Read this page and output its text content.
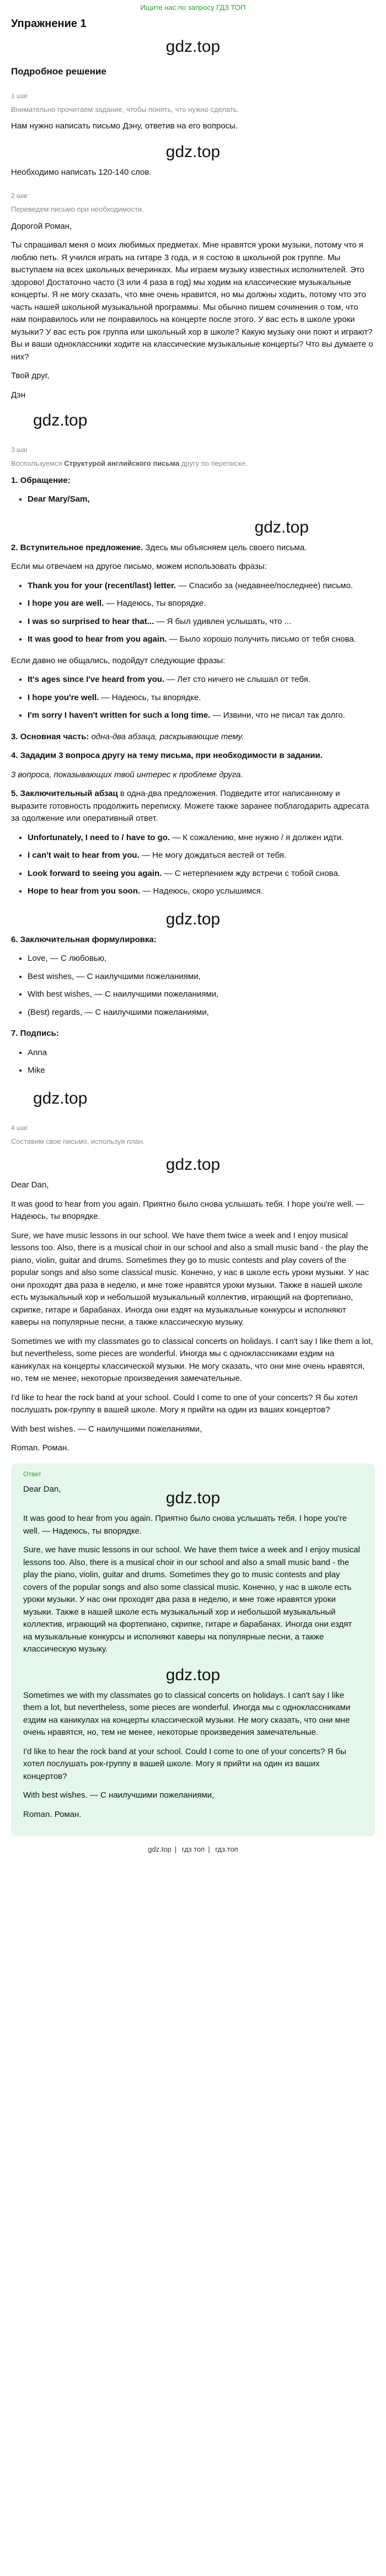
Ищите нас по запросу ГДЗ ТОП
Упражнение 1
gdz.top
Подробное решение
1 шаг
Внимательно прочитаем задание, чтобы понять, что нужно сделать.

Нам нужно написать письмо Дэну, ответив на его вопросы.

gdz.top

Необходимо написать 120-140 слов.

2 шаг
Переведем письмо при необходимости.

Дорогой Роман,

Ты спрашивал меня о моих любимых предметах. Мне нравятся уроки музыки, потому что я люблю петь. Я учился играть на гитаре 3 года, и я состою в школьной рок группе. Мы выступаем на всех школьных вечеринках. Мы играем музыку известных исполнителей. Это здорово! Достаточно часто (3 или 4 раза в год) мы ходим на классические музыкальные концерты. Я не могу сказать, что мне очень нравится, но мы должны ходить, потому что это часть нашей школьной музыкальной программы. Мы обычно пишем сочинения о том, что нам понравилось или не понравилось на концерте после этого. У вас есть в школе уроки музыки? У вас есть рок группа или школьный хор в школе? Какую музыку они поют и играют? Вы и ваши одноклассники ходите на классические музыкальные концерты? Что вы думаете о них?

Твой друг,

Дэн

gdz.top
3 шаг
Воспользуемся Структурой английского письма другу по переписке.

1. Обращение:

• Dear Mary/Sam,
gdz.top

2. Вступительное предложение. Здесь мы объясняем цель своего письма.

Если мы отвечаем на другое письмо, можем использовать фразы:

• Thank you for your (recent/last) letter. — Спасибо за (недавнее/последнее) письмо.
• I hope you are well. — Надеюсь, ты впорядке.
• I was so surprised to hear that... — Я был удивлен услышать, что ...
• It was good to hear from you again. — Было хорошо получить письмо от тебя снова.

Если давно не общались, подойдут следующие фразы:

• It's ages since I've heard from you. — Лет сто ничего не слышал от тебя.
• I hope you're well. — Надеюсь, ты впорядке.
• I'm sorry I haven't written for such a long time. — Извини, что не писал так долго.

3. Основная часть: одна-два абзаца, раскрывающие тему.

4. Зададим 3 вопроса другу на тему письма, при необходимости в задании.

3 вопроса, показывающих твой интерес к проблеме друга.

5. Заключительный абзац в одна-два предложения. Подведите итог написанному и выразите готовность продолжить переписку. Можете также заранее поблагодарить адресата за одолжение или оперативный ответ.

• Unfortunately, I need to / have to go. — К сожалению, мне нужно / я должен идти.
• I can't wait to hear from you. — Не могу дождаться вестей от тебя.
• Look forward to seeing you again. — С нетерпением жду встречи с тобой снова.
• Hope to hear from you soon. — Надеюсь, скоро услышимся.
gdz.top

6. Заключительная формулировка:

• Love, — С любовью,
• Best wishes, — С наилучшими пожеланиями,
• With best wishes, — С наилучшими пожеланиями,
• (Best) regards, — С наилучшими пожеланиями,

7. Подпись:

• Anna
• Mike
gdz.top
4 шаг
Составим свое письмо, используя план.
gdz.top

Dear Dan,

It was good to hear from you again. Приятно было снова услышать тебя. I hope you're well. — Надеюсь, ты впорядке.

Sure, we have music lessons in our school. We have them twice a week and I enjoy musical lessons too. Also, there is a musical choir in our school and also a small music band - the play the piano, violin, guitar and drums. Sometimes they go to music contests and play covers of the popular songs and also some classical music. Конечно, у нас в школе есть уроки музыки. У нас они проходят два раза в неделю, и мне тоже нравятся уроки музыки. Также в нашей школе есть музыкальный хор и небольшой музыкальный коллектив, играющий на фортепиано, скрипке, гитаре и барабанах. Иногда они ездят на музыкальные конкурсы и исполняют каверы на популярные песни, а также классическую музыку.

Sometimes we with my classmates go to classical concerts on holidays. I can't say I like them a lot, but nevertheless, some pieces are wonderful. Иногда мы с одноклассниками ездим на каникулах на концерты классической музыки. Не могу сказать, что они мне очень нравятся, но, тем не менее, некоторые произведения замечательные.

I'd like to hear the rock band at your school. Could I come to one of your concerts? Я бы хотел послушать рок-группу в вашей школе. Могу я прийти на один из ваших концертов?

With best wishes. — С наилучшими пожеланиями,

Roman. Роман.

Ответ

Dear Dan,	gdz.top

It was good to hear from you again. Приятно было снова услышать тебя. I hope you're well. — Надеюсь, ты впорядке.

Sure, we have music lessons in our school. We have them twice a week and I enjoy musical lessons too. Also, there is a musical choir in our school and also a small music band - the play the piano, violin, guitar and drums. Sometimes they go to music contests and play covers of the popular songs and also some classical music. Конечно, у нас в школе есть уроки музыки. У нас они проходят два раза в неделю, и мне тоже нравятся уроки музыки. Также в нашей школе есть музыкальный хор и небольшой музыкальный коллектив, играющий на фортепиано, скрипке, гитаре и барабанах. Иногда они ездят на музыкальные конкурсы и исполняют каверы на популярные песни, а также классическую музыку.

gdz.top

Sometimes we with my classmates go to classical concerts on holidays. I can't say I like them a lot, but nevertheless, some pieces are wonderful. Иногда мы с одноклассниками ездим на каникулах на концерты классической музыки. Не могу сказать, что они мне очень нравятся, но, тем не менее, некоторые произведения замечательные.

I'd like to hear the rock band at your school. Could I come to one of your concerts? Я бы хотел послушать рок-группу в вашей школе. Могу я прийти на один из ваших концертов?

With best wishes. — С наилучшими пожеланиями,

Roman. Роман.

gdz.top | гдз топ | гдз.топ
